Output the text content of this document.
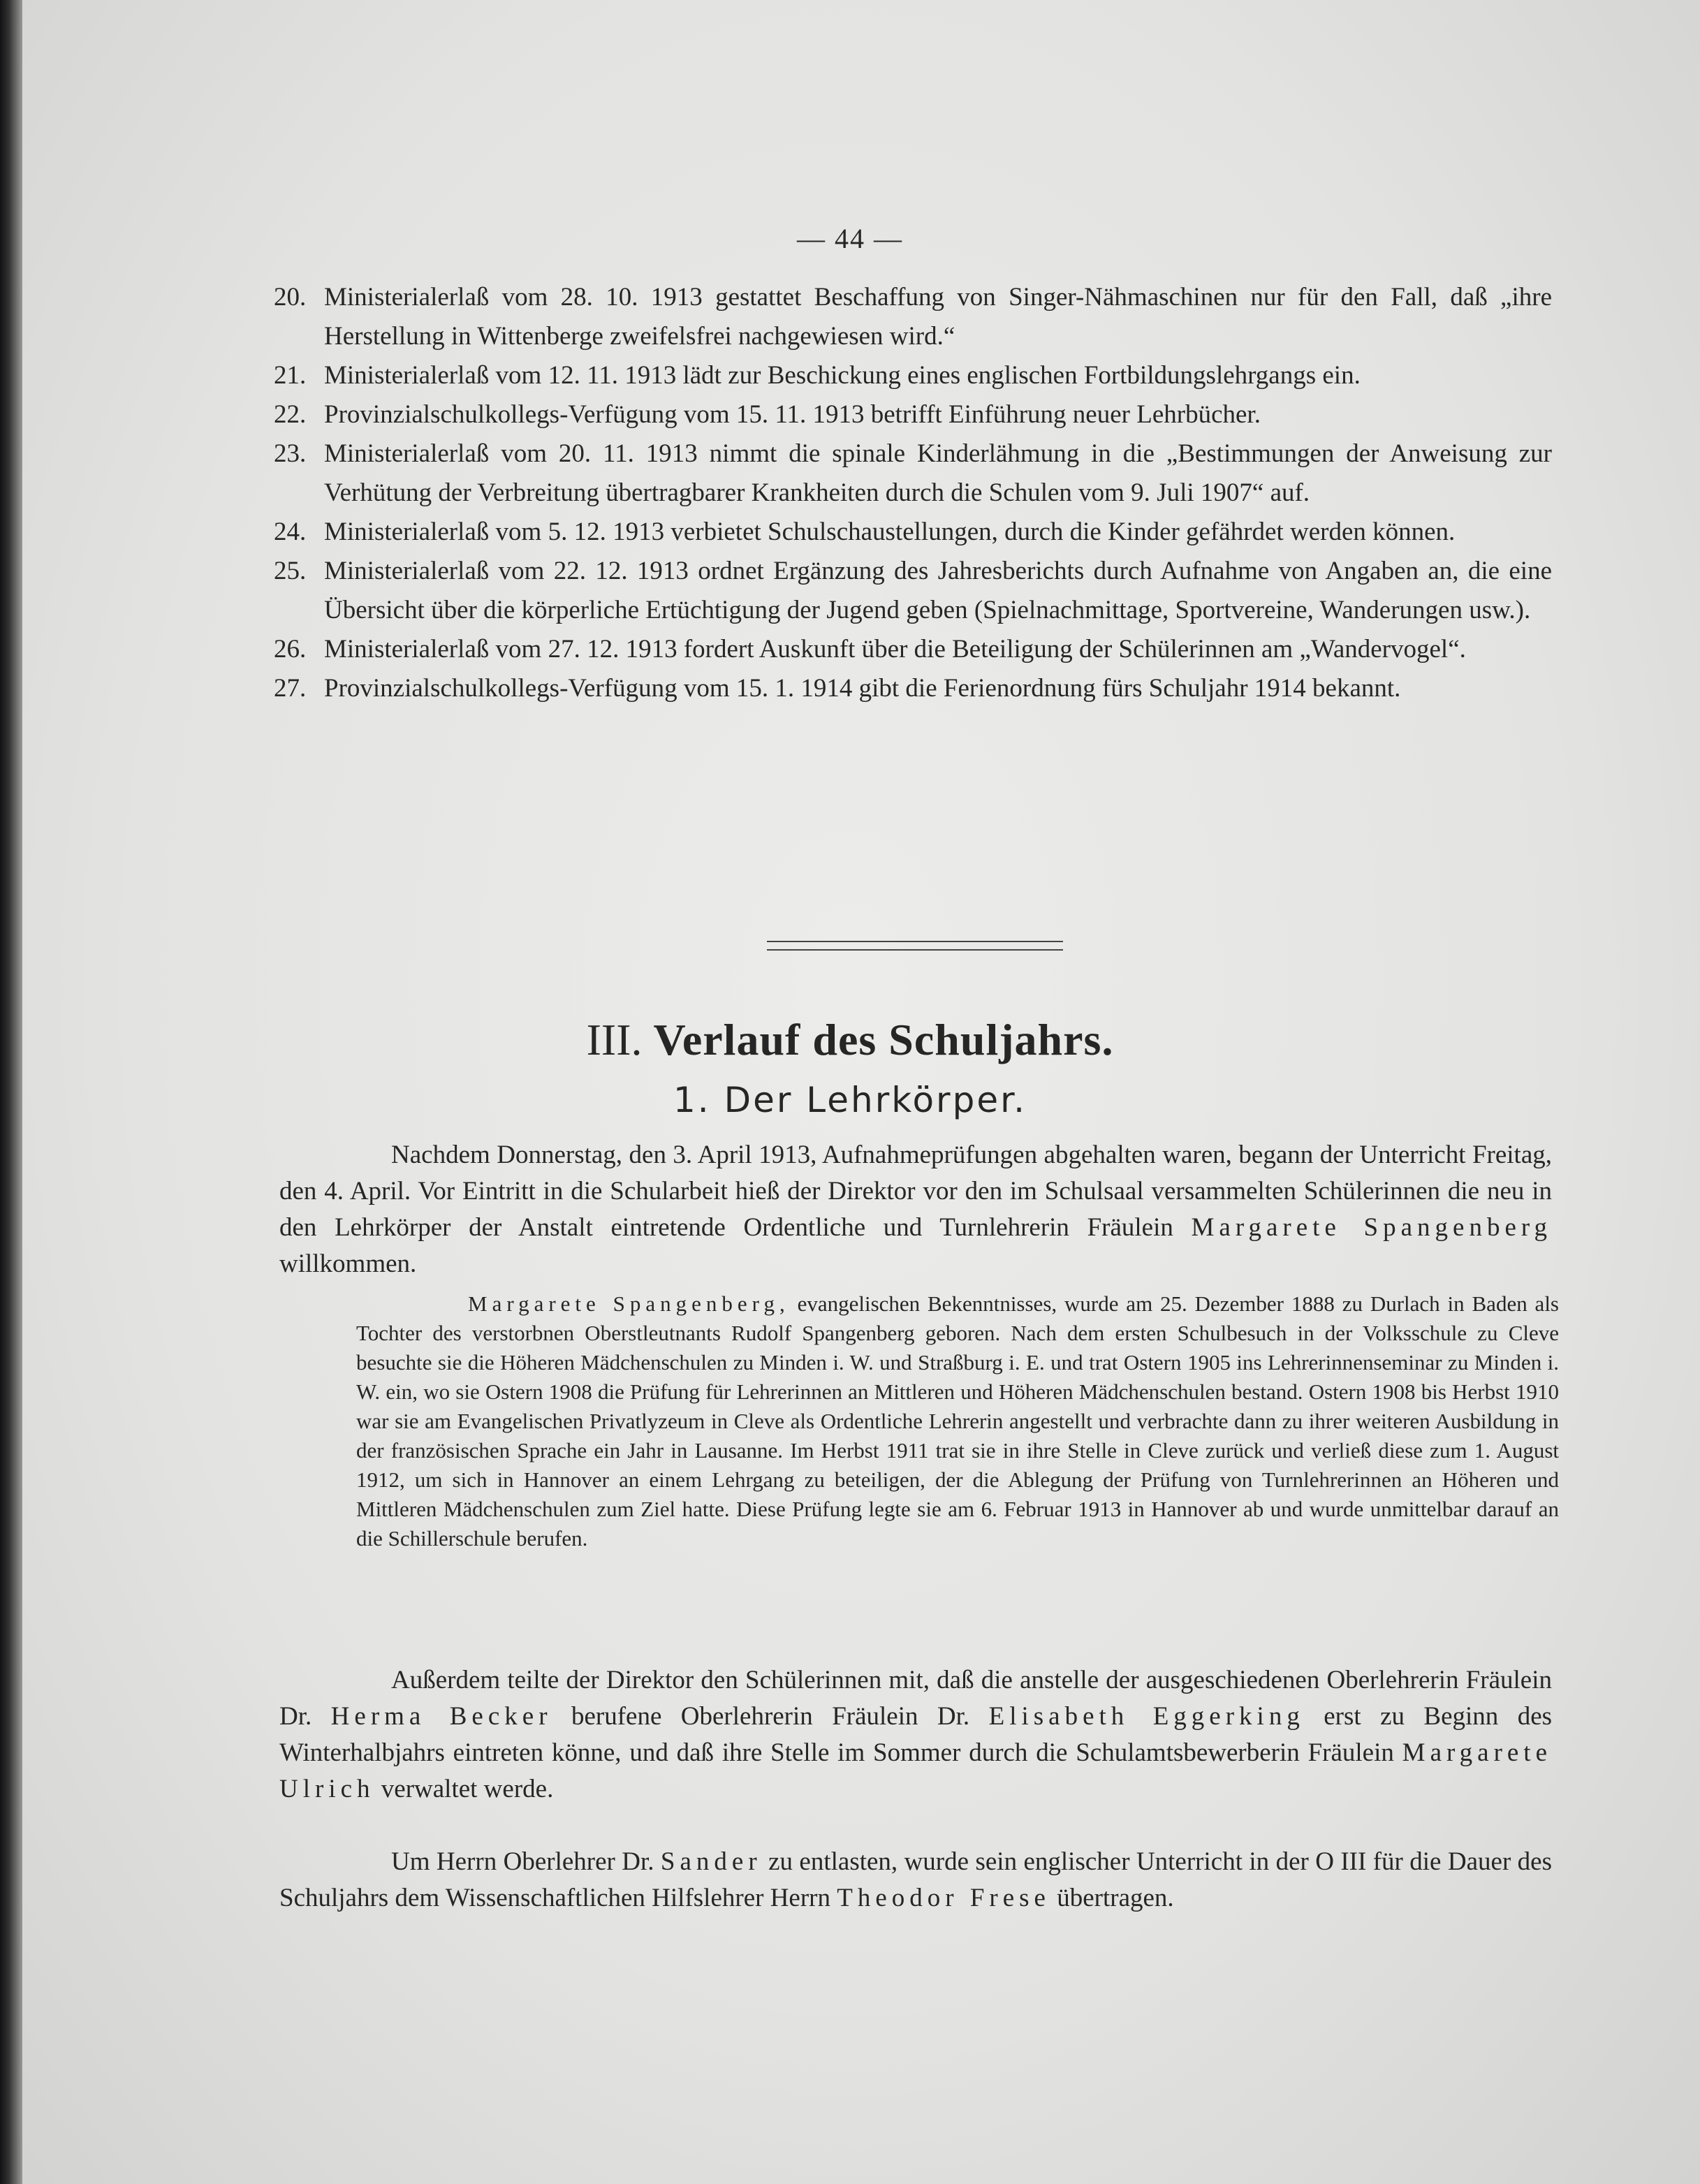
— 44 —
20. Ministerialerlaß vom 28. 10. 1913 gestattet Beschaffung von Singer-Nähmaschinen nur für den Fall, daß „ihre Herstellung in Wittenberge zweifelsfrei nachgewiesen wird.“
21. Ministerialerlaß vom 12. 11. 1913 lädt zur Beschickung eines englischen Fortbildungslehrgangs ein.
22. Provinzialschulkollegs-Verfügung vom 15. 11. 1913 betrifft Einführung neuer Lehrbücher.
23. Ministerialerlaß vom 20. 11. 1913 nimmt die spinale Kinderlähmung in die „Bestimmungen der Anweisung zur Verhütung der Verbreitung übertragbarer Krankheiten durch die Schulen vom 9. Juli 1907“ auf.
24. Ministerialerlaß vom 5. 12. 1913 verbietet Schulschaustellungen, durch die Kinder gefährdet werden können.
25. Ministerialerlaß vom 22. 12. 1913 ordnet Ergänzung des Jahresberichts durch Aufnahme von Angaben an, die eine Übersicht über die körperliche Ertüchtigung der Jugend geben (Spielnachmittage, Sportvereine, Wanderungen usw.).
26. Ministerialerlaß vom 27. 12. 1913 fordert Auskunft über die Beteiligung der Schülerinnen am „Wandervogel“.
27. Provinzialschulkollegs-Verfügung vom 15. 1. 1914 gibt die Ferienordnung fürs Schuljahr 1914 bekannt.
III. Verlauf des Schuljahrs.
1. Der Lehrkörper.
Nachdem Donnerstag, den 3. April 1913, Aufnahmeprüfungen abgehalten waren, begann der Unterricht Freitag, den 4. April. Vor Eintritt in die Schularbeit hieß der Direktor vor den im Schulsaal versammelten Schülerinnen die neu in den Lehrkörper der Anstalt eintretende Ordentliche und Turnlehrerin Fräulein Margarete Spangenberg willkommen.
Margarete Spangenberg, evangelischen Bekenntnisses, wurde am 25. Dezember 1888 zu Durlach in Baden als Tochter des verstorbnen Oberstleutnants Rudolf Spangenberg geboren. Nach dem ersten Schulbesuch in der Volksschule zu Cleve besuchte sie die Höheren Mädchenschulen zu Minden i. W. und Straßburg i. E. und trat Ostern 1905 ins Lehrerinnenseminar zu Minden i. W. ein, wo sie Ostern 1908 die Prüfung für Lehrerinnen an Mittleren und Höheren Mädchenschulen bestand. Ostern 1908 bis Herbst 1910 war sie am Evangelischen Privatlyzeum in Cleve als Ordentliche Lehrerin angestellt und verbrachte dann zu ihrer weiteren Ausbildung in der französischen Sprache ein Jahr in Lausanne. Im Herbst 1911 trat sie in ihre Stelle in Cleve zurück und verließ diese zum 1. August 1912, um sich in Hannover an einem Lehrgang zu beteiligen, der die Ablegung der Prüfung von Turnlehrerinnen an Höheren und Mittleren Mädchenschulen zum Ziel hatte. Diese Prüfung legte sie am 6. Februar 1913 in Hannover ab und wurde unmittelbar darauf an die Schillerschule berufen.
Außerdem teilte der Direktor den Schülerinnen mit, daß die anstelle der ausgeschiedenen Oberlehrerin Fräulein Dr. Herma Becker berufene Oberlehrerin Fräulein Dr. Elisabeth Eggerking erst zu Beginn des Winterhalbjahrs eintreten könne, und daß ihre Stelle im Sommer durch die Schulamtsbewerberin Fräulein Margarete Ulrich verwaltet werde.
Um Herrn Oberlehrer Dr. Sander zu entlasten, wurde sein englischer Unterricht in der O III für die Dauer des Schuljahrs dem Wissenschaftlichen Hilfslehrer Herrn Theodor Frese übertragen.
